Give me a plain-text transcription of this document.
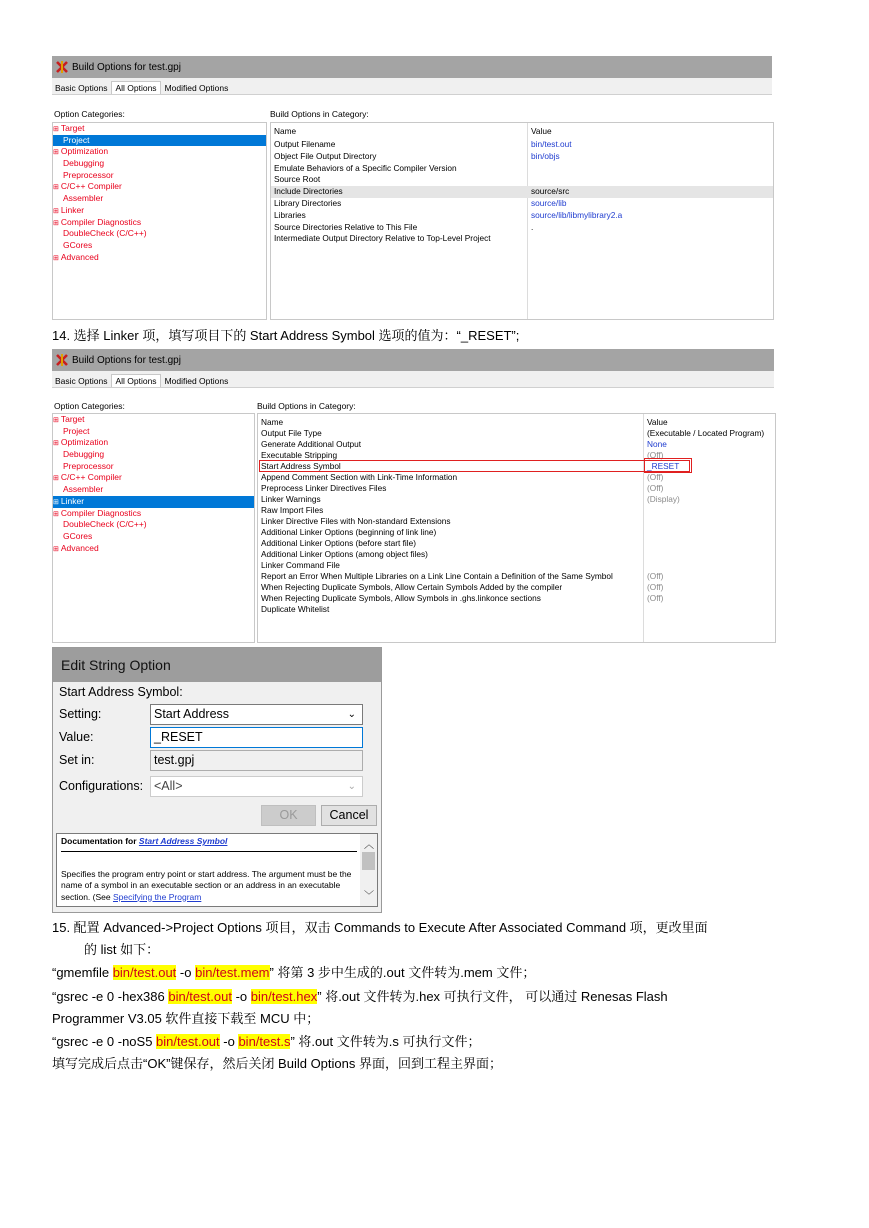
Build Options for test.gpj
Basic Options All Options Modified Options
Option Categories:	Build Options in Category:
⊞ Target
Project
⊞ Optimization
Debugging
Preprocessor
⊞ C/C++ Compiler
Assembler
⊞ Linker
⊞ Compiler Diagnostics
DoubleCheck (C/C++)
GCores
⊞ Advanced
Name	Value
Output Filename	bin/test.out
Object File Output Directory	bin/objs
Emulate Behaviors of a Specific Compiler Version
Source Root
Include Directories	source/src
Library Directories	source/lib
Libraries	source/lib/libmylibrary2.a
Source Directories Relative to This File	.
Intermediate Output Directory Relative to Top-Level Project
14. 选择 Linker 项，填写项目下的 Start Address Symbol 选项的值为：“_RESET”;
Build Options for test.gpj
Basic Options All Options Modified Options
Option Categories:	Build Options in Category:
⊞ Target
Project
⊞ Optimization
Debugging
Preprocessor
⊞ C/C++ Compiler
Assembler
⊞ Linker
⊞ Compiler Diagnostics
DoubleCheck (C/C++)
GCores
⊞ Advanced
Name	Value
Output File Type	(Executable / Located Program)
Generate Additional Output	None
Executable Stripping	(Off)
Start Address Symbol	_RESET
Append Comment Section with Link-Time Information	(Off)
Preprocess Linker Directives Files	(Off)
Linker Warnings	(Display)
Raw Import Files
Linker Directive Files with Non-standard Extensions
Additional Linker Options (beginning of link line)
Additional Linker Options (before start file)
Additional Linker Options (among object files)
Linker Command File
Report an Error When Multiple Libraries on a Link Line Contain a Definition of the Same Symbol	(Off)
When Rejecting Duplicate Symbols, Allow Certain Symbols Added by the compiler	(Off)
When Rejecting Duplicate Symbols, Allow Symbols in .ghs.linkonce sections	(Off)
Duplicate Whitelist
Edit String Option
Start Address Symbol:
Setting:	Start Address	⌄
Value:	_RESET
Set in:	test.gpj
Configurations: <All>	⌄
OK	Cancel
Documentation for Start Address Symbol
Specifies the program entry point or start address. The argument must be the name of a symbol in an executable section or an address in an executable section. (See Specifying the Program
︿
﹀
15. 配置 Advanced->Project Options 项目，双击 Commands to Execute After Associated Command 项，更改里面
的 list 如下：
“gmemfile bin/test.out -o bin/test.mem” 将第 3 步中生成的.out 文件转为.mem 文件；
“gsrec -e 0 -hex386 bin/test.out -o bin/test.hex” 将.out 文件转为.hex 可执行文件， 可以通过 Renesas Flash
Programmer V3.05 软件直接下载至 MCU 中；
“gsrec -e 0 -noS5 bin/test.out -o bin/test.s” 将.out 文件转为.s 可执行文件；
填写完成后点击“OK”键保存，然后关闭 Build Options 界面，回到工程主界面；
